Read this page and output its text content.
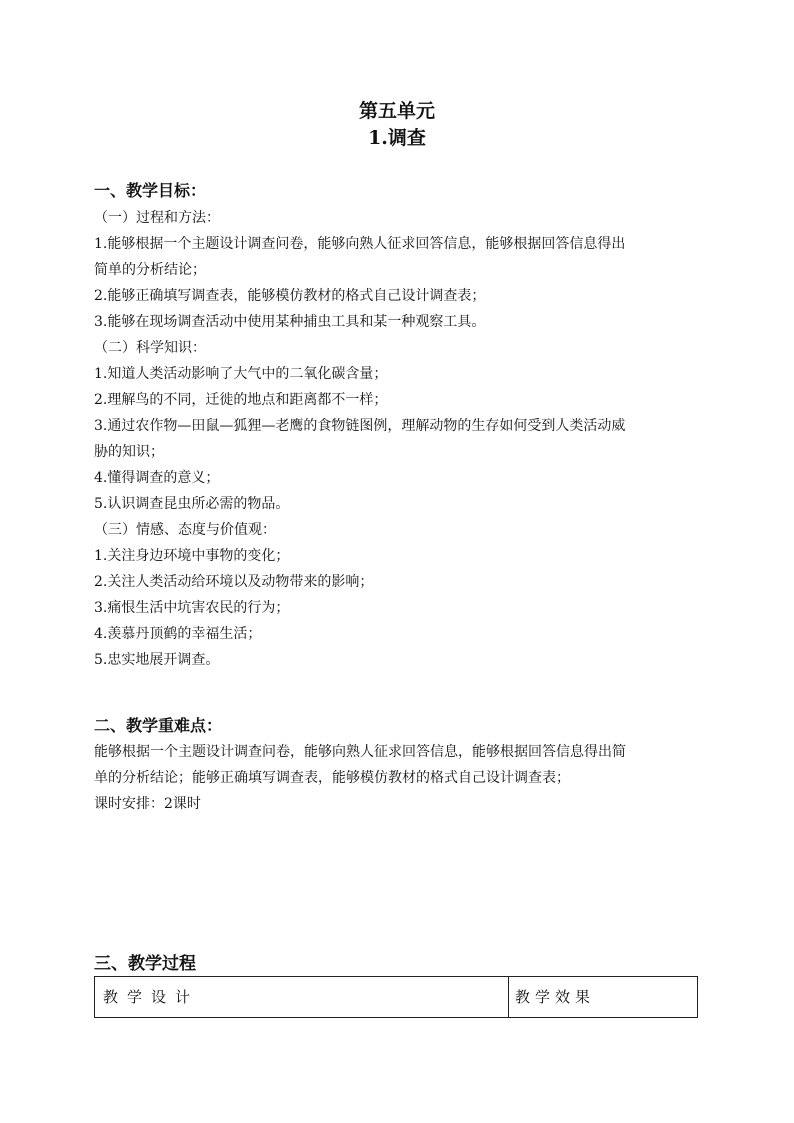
第五单元
1.调查
一、教学目标：
（一）过程和方法：
1.能够根据一个主题设计调查问卷，能够向熟人征求回答信息，能够根据回答信息得出
简单的分析结论；
2.能够正确填写调查表，能够模仿教材的格式自己设计调查表；
3.能够在现场调查活动中使用某种捕虫工具和某一种观察工具。
（二）科学知识：
1.知道人类活动影响了大气中的二氧化碳含量；
2.理解鸟的不同，迁徙的地点和距离都不一样；
3.通过农作物—田鼠—狐狸—老鹰的食物链图例，理解动物的生存如何受到人类活动威
胁的知识；
4.懂得调查的意义；
5.认识调查昆虫所必需的物品。
（三）情感、态度与价值观：
1.关注身边环境中事物的变化；
2.关注人类活动给环境以及动物带来的影响；
3.痛恨生活中坑害农民的行为；
4.羡慕丹顶鹤的幸福生活；
5.忠实地展开调查。
二、教学重难点：
能够根据一个主题设计调查问卷，能够向熟人征求回答信息，能够根据回答信息得出简
单的分析结论；能够正确填写调查表，能够模仿教材的格式自己设计调查表；
课时安排：2课时
三、教学过程
教学设计	教学效果
